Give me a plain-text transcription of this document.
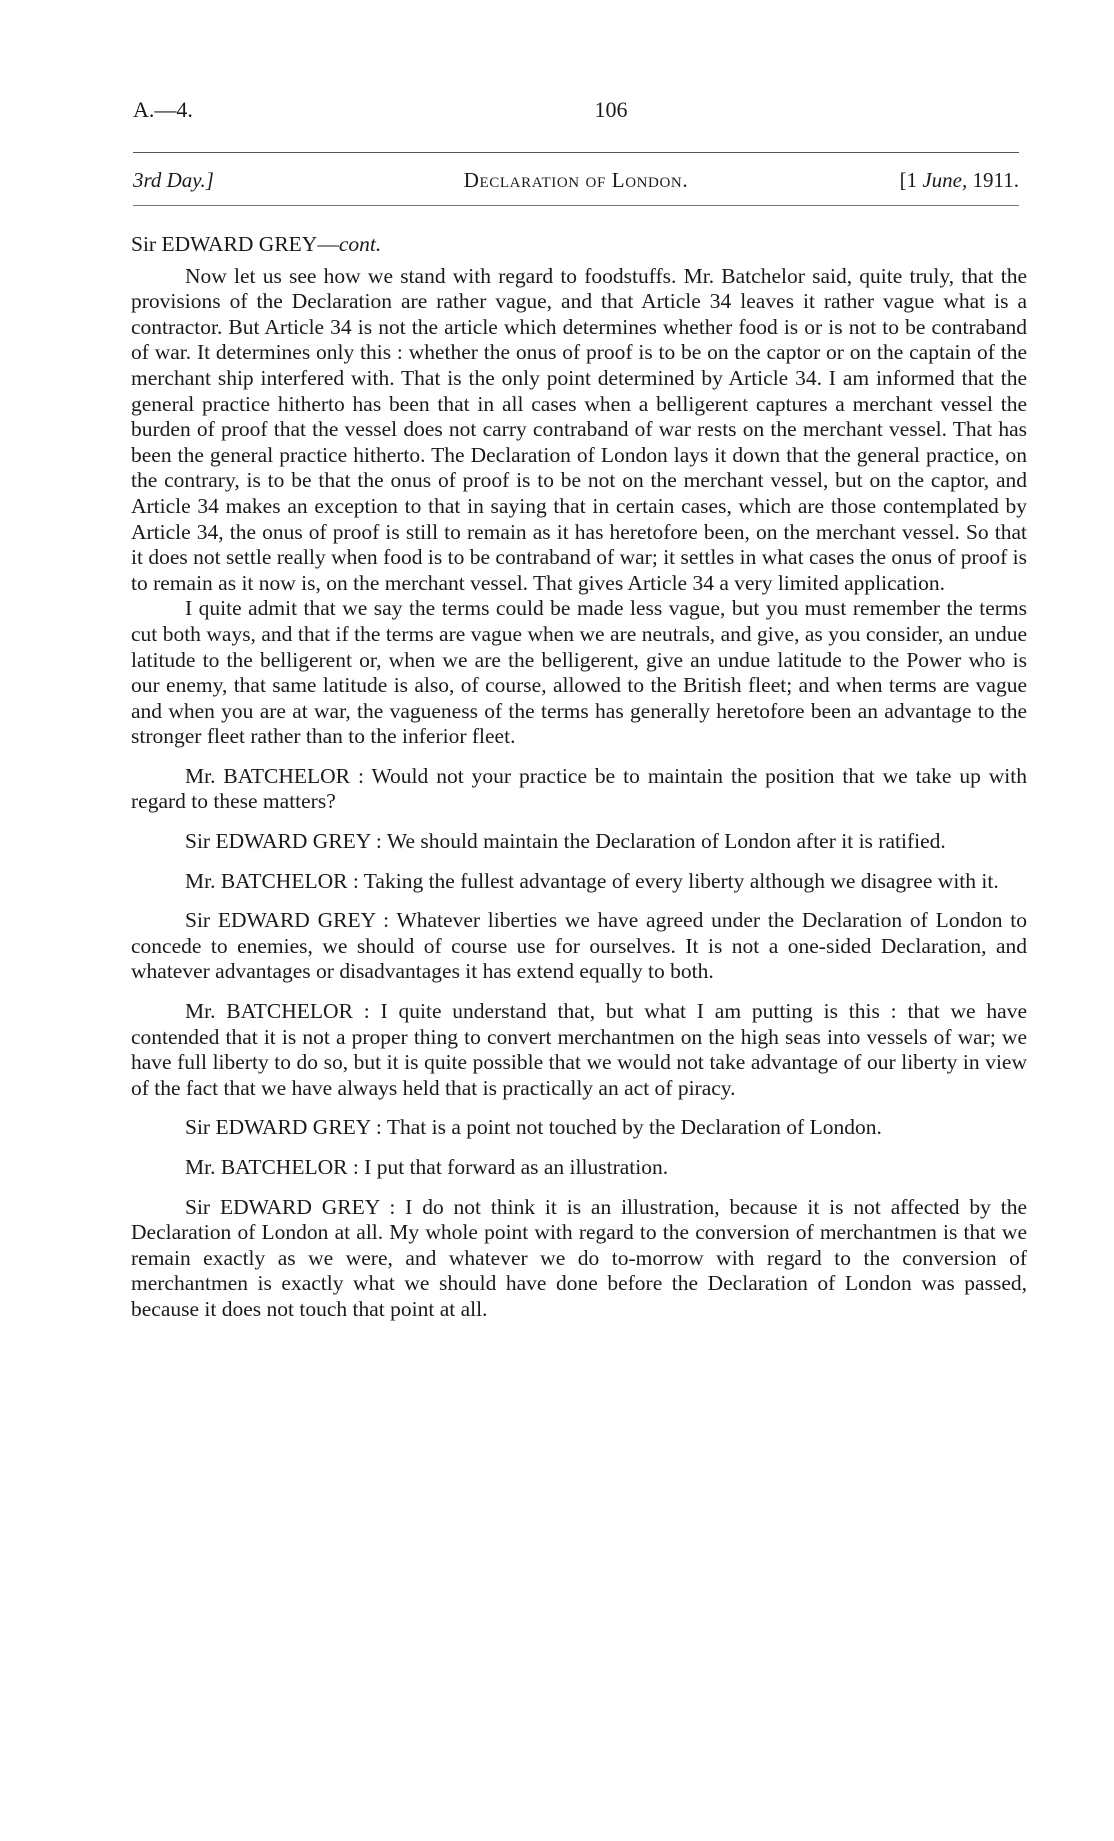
A.—4.	106
3rd Day.]	Declaration of London.	[1 June, 1911.
Sir EDWARD GREY—cont.

Now let us see how we stand with regard to foodstuffs. Mr. Batchelor said, quite truly, that the provisions of the Declaration are rather vague, and that Article 34 leaves it rather vague what is a contractor. But Article 34 is not the article which determines whether food is or is not to be contraband of war. It determines only this : whether the onus of proof is to be on the captor or on the captain of the merchant ship interfered with. That is the only point determined by Article 34. I am informed that the general practice hitherto has been that in all cases when a belligerent captures a merchant vessel the burden of proof that the vessel does not carry contraband of war rests on the merchant vessel. That has been the general practice hitherto. The Declaration of London lays it down that the general practice, on the contrary, is to be that the onus of proof is to be not on the merchant vessel, but on the captor, and Article 34 makes an exception to that in saying that in certain cases, which are those contemplated by Article 34, the onus of proof is still to remain as it has heretofore been, on the merchant vessel. So that it does not settle really when food is to be contraband of war; it settles in what cases the onus of proof is to remain as it now is, on the merchant vessel. That gives Article 34 a very limited application.

I quite admit that we say the terms could be made less vague, but you must remember the terms cut both ways, and that if the terms are vague when we are neutrals, and give, as you consider, an undue latitude to the belligerent or, when we are the belligerent, give an undue latitude to the Power who is our enemy, that same latitude is also, of course, allowed to the British fleet; and when terms are vague and when you are at war, the vagueness of the terms has generally heretofore been an advantage to the stronger fleet rather than to the inferior fleet.

Mr. BATCHELOR : Would not your practice be to maintain the position that we take up with regard to these matters?

Sir EDWARD GREY : We should maintain the Declaration of London after it is ratified.

Mr. BATCHELOR : Taking the fullest advantage of every liberty although we disagree with it.

Sir EDWARD GREY : Whatever liberties we have agreed under the Declaration of London to concede to enemies, we should of course use for ourselves. It is not a one-sided Declaration, and whatever advantages or disadvantages it has extend equally to both.

Mr. BATCHELOR : I quite understand that, but what I am putting is this : that we have contended that it is not a proper thing to convert merchantmen on the high seas into vessels of war; we have full liberty to do so, but it is quite possible that we would not take advantage of our liberty in view of the fact that we have always held that is practically an act of piracy.

Sir EDWARD GREY : That is a point not touched by the Declaration of London.

Mr. BATCHELOR : I put that forward as an illustration.

Sir EDWARD GREY : I do not think it is an illustration, because it is not affected by the Declaration of London at all. My whole point with regard to the conversion of merchantmen is that we remain exactly as we were, and whatever we do to-morrow with regard to the conversion of merchantmen is exactly what we should have done before the Declaration of London was passed, because it does not touch that point at all.
